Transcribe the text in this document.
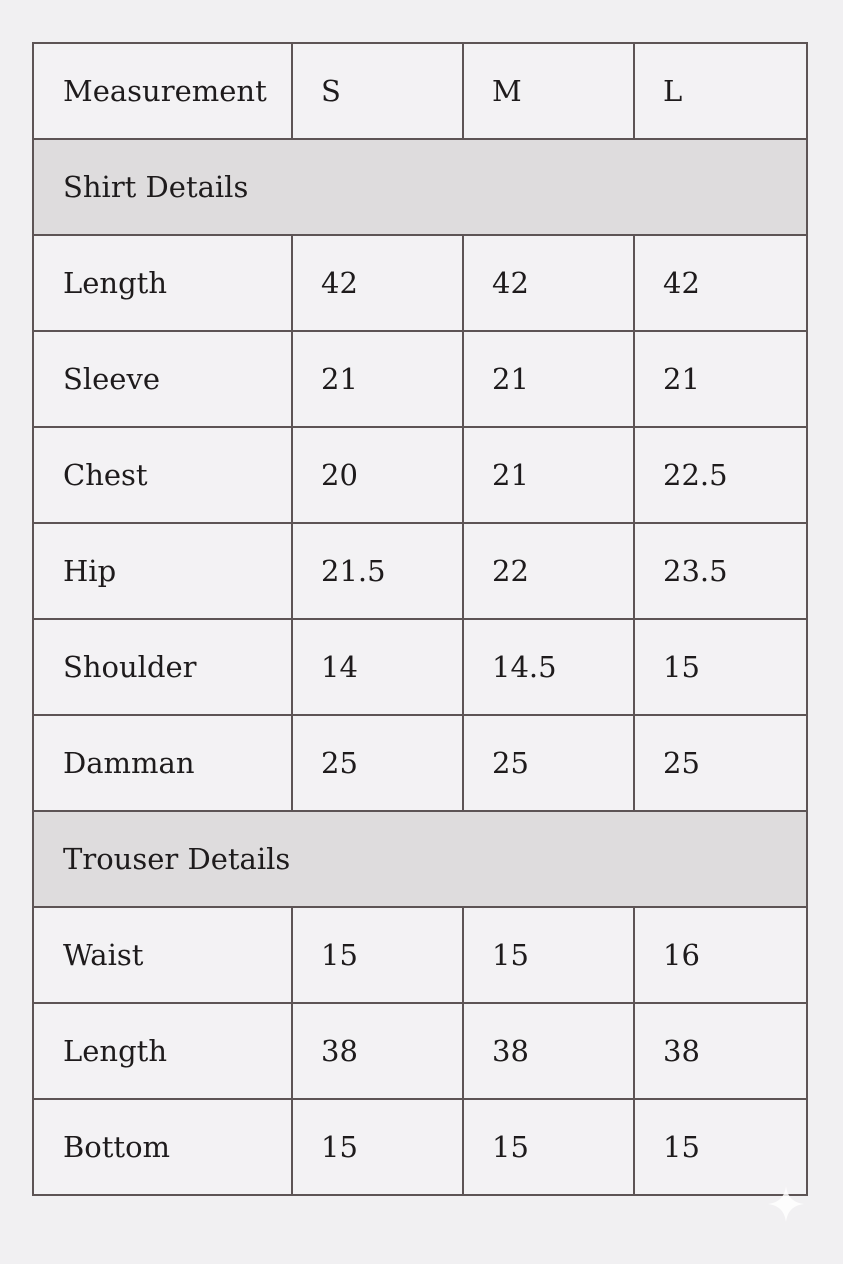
Measurement	S	M	L
Shirt Details			
Length	42	42	42
Sleeve	21	21	21
Chest	20	21	22.5
Hip	21.5	22	23.5
Shoulder	14	14.5	15
Damman	25	25	25
Trouser Details			
Waist	15	15	16
Length	38	38	38
Bottom	15	15	15
